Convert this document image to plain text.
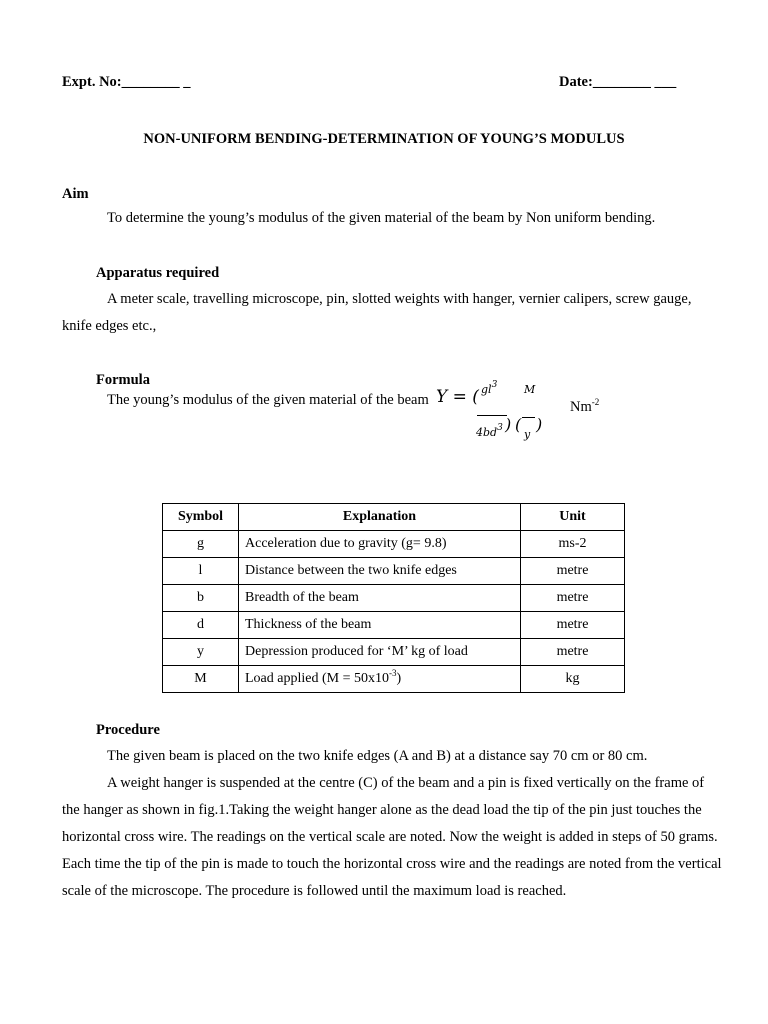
Expt. No:________ _	Date:________ ___
NON-UNIFORM BENDING-DETERMINATION OF YOUNG’S MODULUS
Aim
To determine the young’s modulus of the given material of the beam by Non uniform bending.
Apparatus required
A meter scale, travelling microscope, pin, slotted weights with hanger, vernier calipers, screw gauge, knife edges etc.,
Formula
The young’s modulus of the given material of the beam Y = ( $gl^3$ M
$4bd^3$ ) ( )
y
$Nm^{-2}$
Symbol	Explanation	Unit
g	Acceleration due to gravity (g= 9.8)	ms-2
l	Distance between the two knife edges	metre
b	Breadth of the beam	metre
d	Thickness of the beam	metre
y	Depression produced for ‘M’ kg of load	metre
M	Load applied $(M = 50x10^{-3})$	kg
Procedure
The given beam is placed on the two knife edges (A and B) at a distance say 70 cm or 80 cm.
A weight hanger is suspended at the centre (C) of the beam and a pin is fixed vertically on the frame of the hanger as shown in fig.1.Taking the weight hanger alone as the dead load the tip of the pin just touches the horizontal cross wire. The readings on the vertical scale are noted. Now the weight is added in steps of 50 grams. Each time the tip of the pin is made to touch the horizontal cross wire and the readings are noted from the vertical scale of the microscope. The procedure is followed until the maximum load is reached.
